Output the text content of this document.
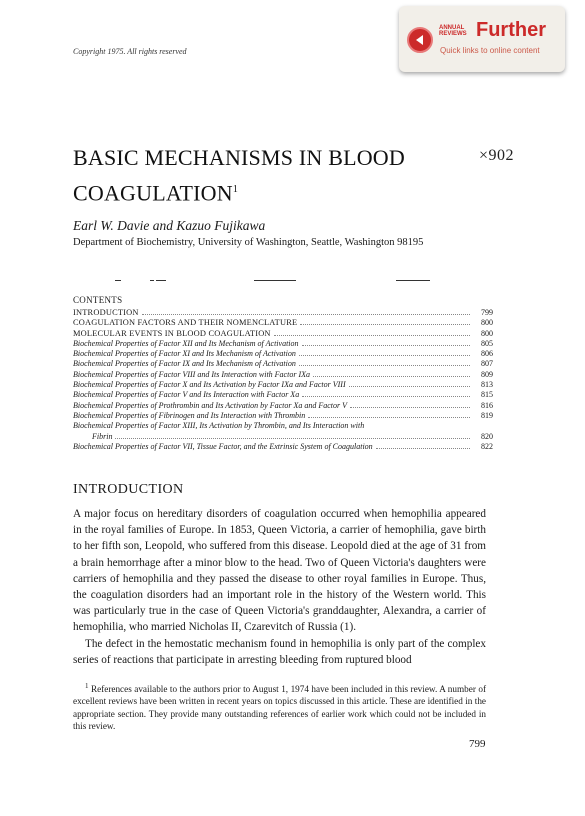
Copyright 1975. All rights reserved
ANNUAL
REVIEWS Further
Quick links to online content
BASIC MECHANISMS IN BLOOD
$COAGULATION^1$
×902
Earl W. Davie and Kazuo Fujikawa
Department of Biochemistry, University of Washington, Seattle, Washington 98195
CONTENTS
INTRODUCTION	799
COAGULATION FACTORS AND THEIR NOMENCLATURE	800
MOLECULAR EVENTS IN BLOOD COAGULATION	800
Biochemical Properties of Factor XII and Its Mechanism of Activation	805
Biochemical Properties of Factor XI and Its Mechanism of Activation	806
Biochemical Properties of Factor IX and Its Mechanism of Activation	807
Biochemical Properties of Factor VIII and Its Interaction with Factor IXa	809
Biochemical Properties of Factor X and Its Activation by Factor IXa and Factor VIII	813
Biochemical Properties of Factor V and Its Interaction with Factor Xa	815
Biochemical Properties of Prothrombin and Its Activation by Factor Xa and Factor V	816
Biochemical Properties of Fibrinogen and Its Interaction with Thrombin	819
Biochemical Properties of Factor XIII, Its Activation by Thrombin, and Its Interaction with
Fibrin	820
Biochemical Properties of Factor VII, Tissue Factor, and the Extrinsic System of Coagulation	822
INTRODUCTION

A major focus on hereditary disorders of coagulation occurred when hemophilia appeared in the royal families of Europe. In 1853, Queen Victoria, a carrier of hemophilia, gave birth to her fifth son, Leopold, who suffered from this disease. Leopold died at the age of 31 from a brain hemorrhage after a minor blow to the head. Two of Queen Victoria's daughters were carriers of hemophilia and they passed the disease to other royal families in Europe. Thus, the coagulation disorders had an important role in the history of the Western world. This was particularly true in the case of Queen Victoria's granddaughter, Alexandra, a carrier of hemophilia, who married Nicholas II, Czarevitch of Russia (1).

The defect in the hemostatic mechanism found in hemophilia is only part of the complex series of reactions that participate in arresting bleeding from ruptured blood

$^1$ References available to the authors prior to August 1, 1974 have been included in this review. A number of excellent reviews have been written in recent years on topics discussed in this article. These are identified in the appropriate section. They provide many outstanding references of earlier work which could not be included in this review.
799
